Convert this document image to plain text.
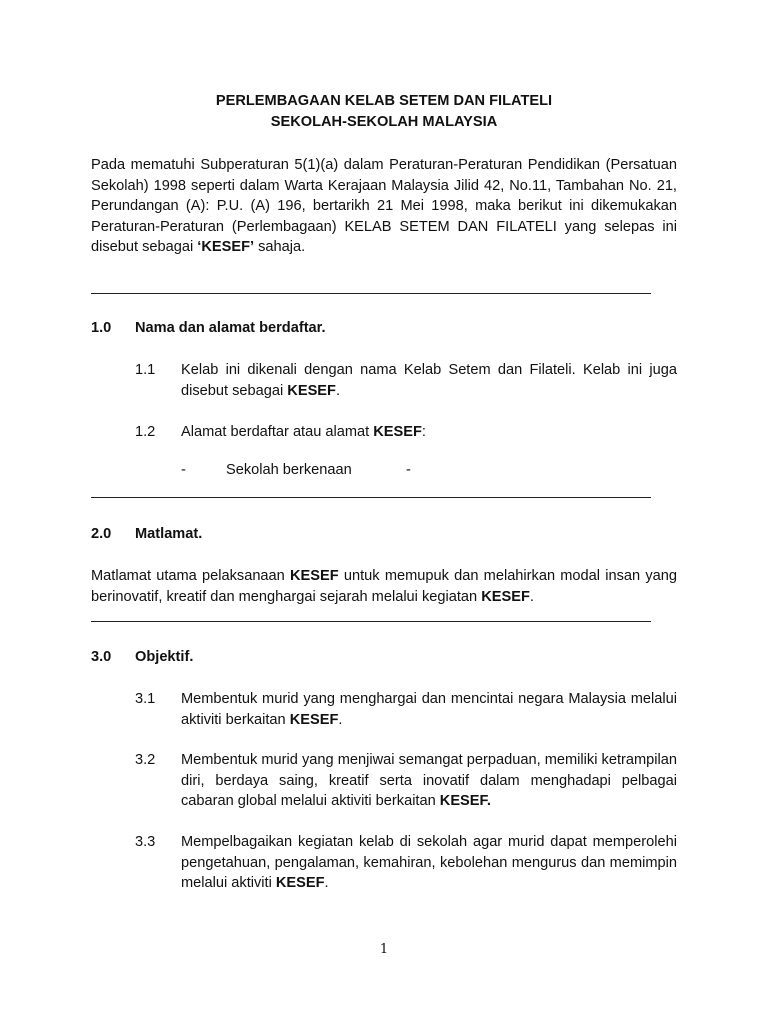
PERLEMBAGAAN KELAB SETEM DAN FILATELI

SEKOLAH-SEKOLAH MALAYSIA

Pada mematuhi Subperaturan 5(1)(a) dalam Peraturan-Peraturan Pendidikan (Persatuan Sekolah) 1998 seperti dalam Warta Kerajaan Malaysia Jilid 42, No.11, Tambahan No. 21, Perundangan (A): P.U. (A) 196, bertarikh 21 Mei 1998, maka berikut ini dikemukakan Peraturan-Peraturan (Perlembagaan) KELAB SETEM DAN FILATELI yang selepas ini disebut sebagai ‘KESEF’ sahaja.

1.0 Nama dan alamat berdaftar.

1.1 Kelab ini dikenali dengan nama Kelab Setem dan Filateli. Kelab ini juga disebut sebagai KESEF.

1.2 Alamat berdaftar atau alamat KESEF:

-	Sekolah berkenaan	-

2.0 Matlamat.

Matlamat utama pelaksanaan KESEF untuk memupuk dan melahirkan modal insan yang berinovatif, kreatif dan menghargai sejarah melalui kegiatan KESEF.

3.0 Objektif.

3.1 Membentuk murid yang menghargai dan mencintai negara Malaysia melalui aktiviti berkaitan KESEF.

3.2 Membentuk murid yang menjiwai semangat perpaduan, memiliki ketrampilan diri, berdaya saing, kreatif serta inovatif dalam menghadapi pelbagai cabaran global melalui aktiviti berkaitan KESEF.

3.3 Mempelbagaikan kegiatan kelab di sekolah agar murid dapat memperolehi pengetahuan, pengalaman, kemahiran, kebolehan mengurus dan memimpin melalui aktiviti KESEF.

1
